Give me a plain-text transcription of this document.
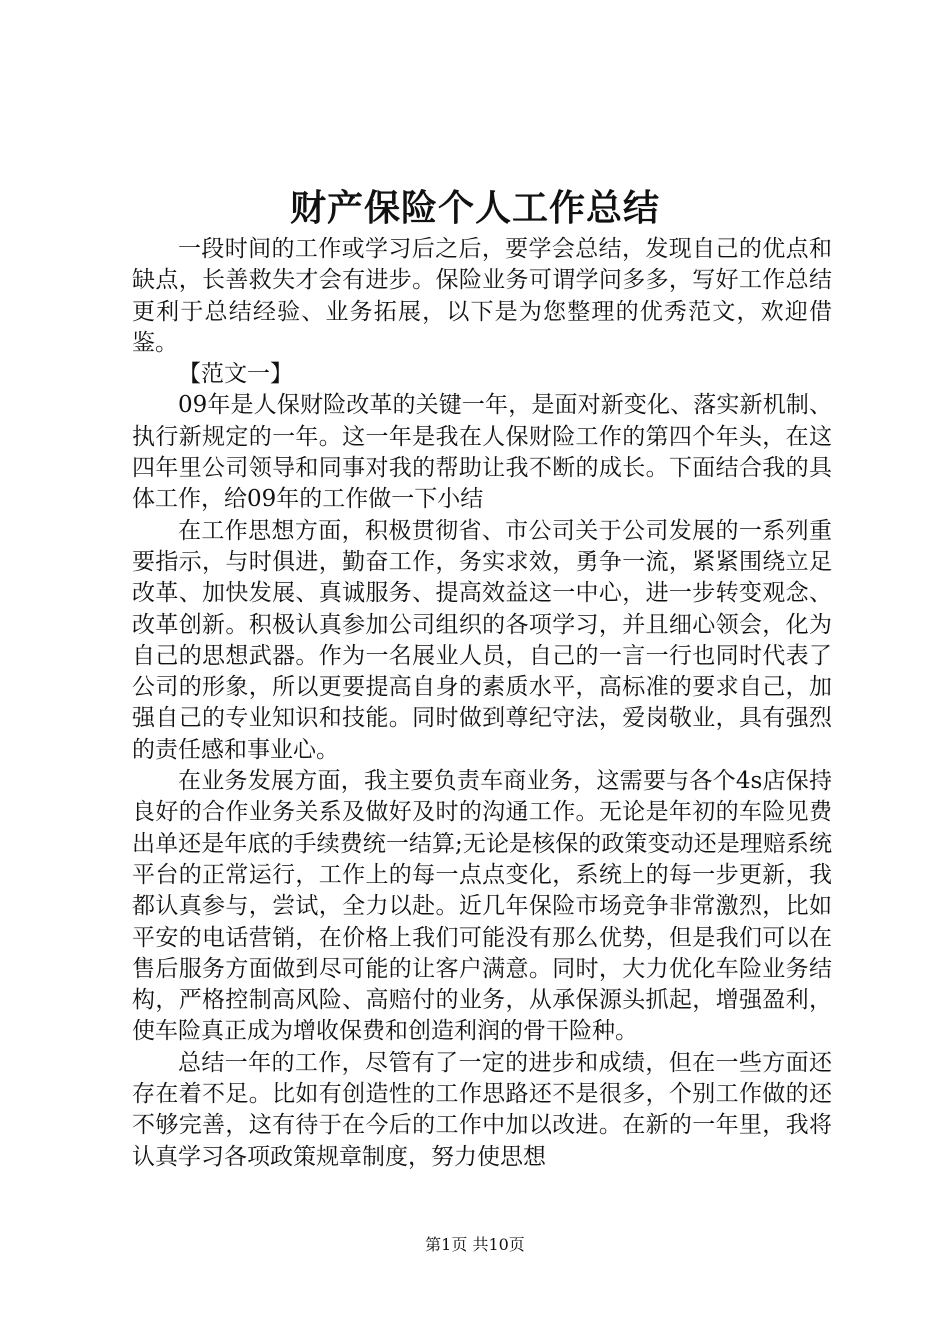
财产保险个人工作总结

一段时间的工作或学习后之后，要学会总结，发现自己的优点和缺点，长善救失才会有进步。保险业务可谓学问多多，写好工作总结更利于总结经验、业务拓展，以下是为您整理的优秀范文，欢迎借鉴。

【范文一】

09年是人保财险改革的关键一年，是面对新变化、落实新机制、执行新规定的一年。这一年是我在人保财险工作的第四个年头，在这四年里公司领导和同事对我的帮助让我不断的成长。下面结合我的具体工作，给09年的工作做一下小结

在工作思想方面，积极贯彻省、市公司关于公司发展的一系列重要指示，与时俱进，勤奋工作，务实求效，勇争一流，紧紧围绕立足改革、加快发展、真诚服务、提高效益这一中心，进一步转变观念、改革创新。积极认真参加公司组织的各项学习，并且细心领会，化为自己的思想武器。作为一名展业人员，自己的一言一行也同时代表了公司的形象，所以更要提高自身的素质水平，高标准的要求自己，加强自己的专业知识和技能。同时做到尊纪守法，爱岗敬业，具有强烈的责任感和事业心。

在业务发展方面，我主要负责车商业务，这需要与各个4s店保持良好的合作业务关系及做好及时的沟通工作。无论是年初的车险见费出单还是年底的手续费统一结算;无论是核保的政策变动还是理赔系统平台的正常运行，工作上的每一点点变化，系统上的每一步更新，我都认真参与，尝试，全力以赴。近几年保险市场竞争非常激烈，比如平安的电话营销，在价格上我们可能没有那么优势，但是我们可以在售后服务方面做到尽可能的让客户满意。同时，大力优化车险业务结构，严格控制高风险、高赔付的业务，从承保源头抓起，增强盈利，使车险真正成为增收保费和创造利润的骨干险种。

总结一年的工作，尽管有了一定的进步和成绩，但在一些方面还存在着不足。比如有创造性的工作思路还不是很多，个别工作做的还不够完善，这有待于在今后的工作中加以改进。在新的一年里，我将认真学习各项政策规章制度，努力使思想

第1页 共10页
